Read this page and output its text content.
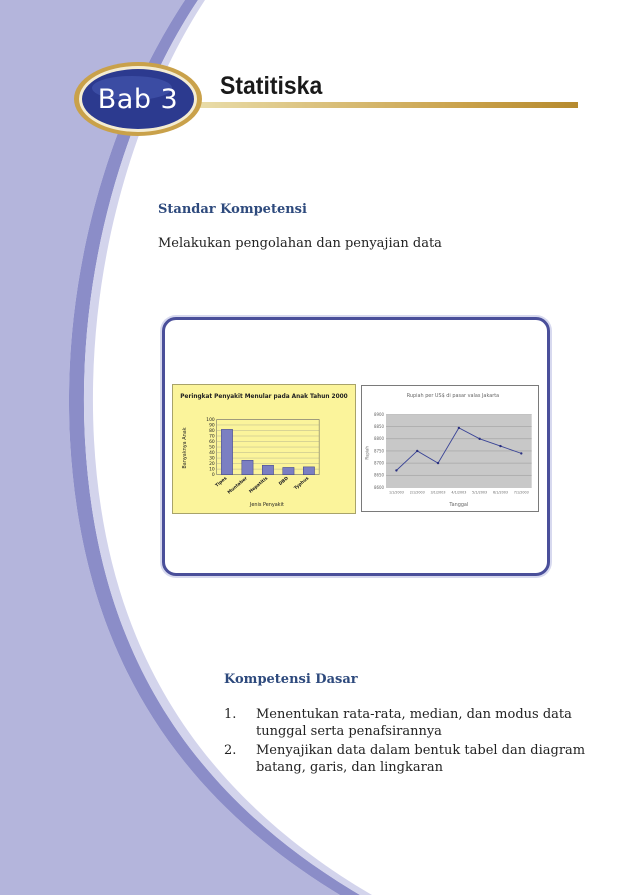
Bab 3	Statitiska
Standar Kompetensi
Melakukan pengolahan dan penyajian data
Peringkat Penyakit Menular pada Anak Tahun 2000
Banyaknya Anak
Jenis Penyakit
0
10
20
30
40
50
60
70
80
90
100
Tipes
Muntaber Hepatitis DBD Typhus
Rupiah per US$ di pasar valas Jakarta
Rupiah
Tanggal
8600
8650
8700
8750
8800
8850
8900
1/1/2003 2/1/2003 3/1/2003 4/1/2003 5/1/2003 6/1/2003 7/1/2003
Kompetensi Dasar
1.	Menentukan rata-rata, median, dan modus data tunggal serta penafsirannya
2.	Menyajikan data dalam bentuk tabel dan diagram batang, garis, dan lingkaran
